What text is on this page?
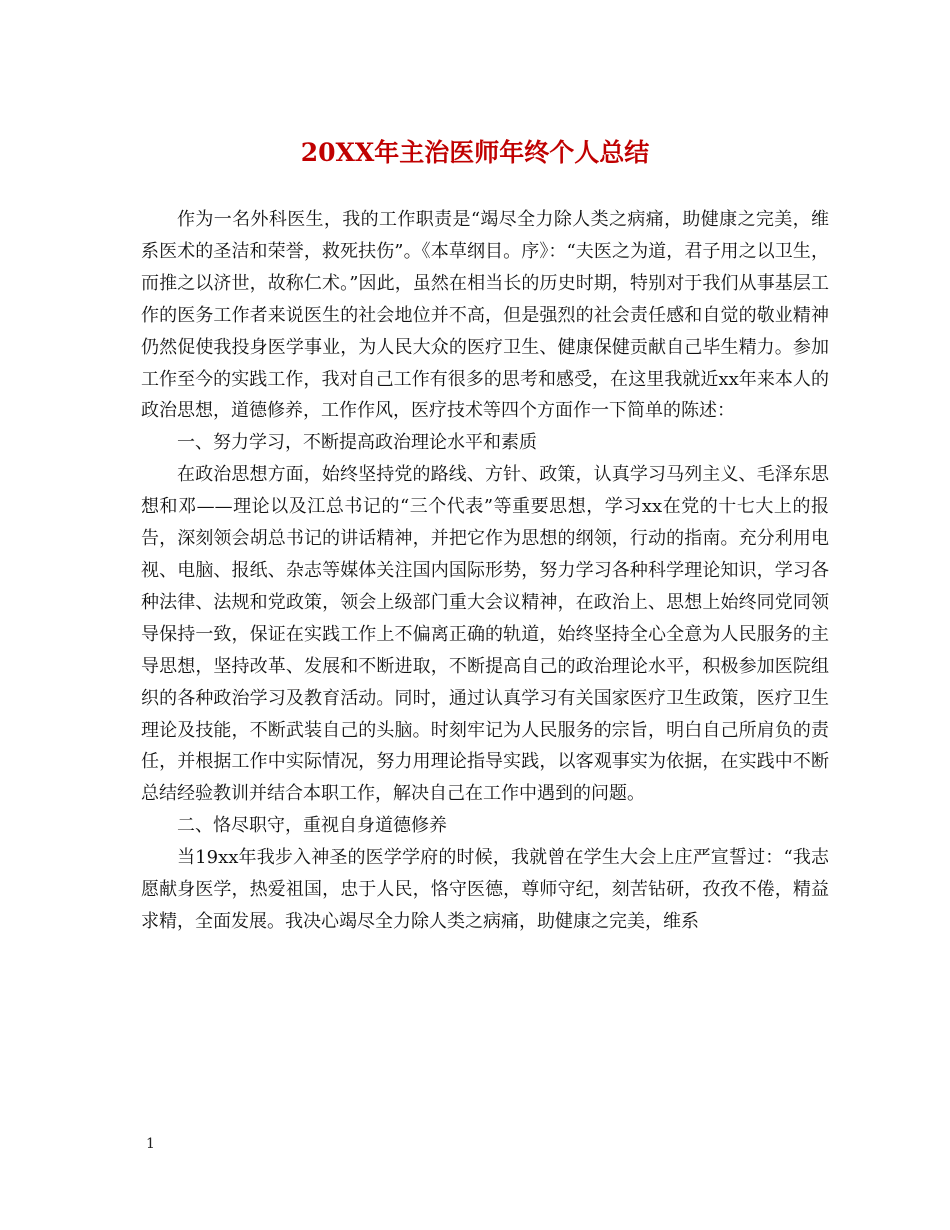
20XX年主治医师年终个人总结

作为一名外科医生，我的工作职责是“竭尽全力除人类之病痛，助健康之完美，维系医术的圣洁和荣誉，救死扶伤”。《本草纲目。序》：“夫医之为道，君子用之以卫生，而推之以济世，故称仁术。”因此，虽然在相当长的历史时期，特别对于我们从事基层工作的医务工作者来说医生的社会地位并不高，但是强烈的社会责任感和自觉的敬业精神仍然促使我投身医学事业，为人民大众的医疗卫生、健康保健贡献自己毕生精力。参加工作至今的实践工作，我对自己工作有很多的思考和感受，在这里我就近xx年来本人的政治思想，道德修养，工作作风，医疗技术等四个方面作一下简单的陈述：

一、努力学习，不断提高政治理论水平和素质

在政治思想方面，始终坚持党的路线、方针、政策，认真学习马列主义、毛泽东思想和邓——理论以及江总书记的“三个代表”等重要思想，学习xx在党的十七大上的报告，深刻领会胡总书记的讲话精神，并把它作为思想的纲领，行动的指南。充分利用电视、电脑、报纸、杂志等媒体关注国内国际形势，努力学习各种科学理论知识，学习各种法律、法规和党政策，领会上级部门重大会议精神，在政治上、思想上始终同党同领导保持一致，保证在实践工作上不偏离正确的轨道，始终坚持全心全意为人民服务的主导思想，坚持改革、发展和不断进取，不断提高自己的政治理论水平，积极参加医院组织的各种政治学习及教育活动。同时，通过认真学习有关国家医疗卫生政策，医疗卫生理论及技能，不断武装自己的头脑。时刻牢记为人民服务的宗旨，明白自己所肩负的责任，并根据工作中实际情况，努力用理论指导实践，以客观事实为依据，在实践中不断总结经验教训并结合本职工作，解决自己在工作中遇到的问题。

二、恪尽职守，重视自身道德修养

当19xx年我步入神圣的医学学府的时候，我就曾在学生大会上庄严宣誓过：“我志愿献身医学，热爱祖国，忠于人民，恪守医德，尊师守纪，刻苦钻研，孜孜不倦，精益求精，全面发展。我决心竭尽全力除人类之病痛，助健康之完美，维系

1
